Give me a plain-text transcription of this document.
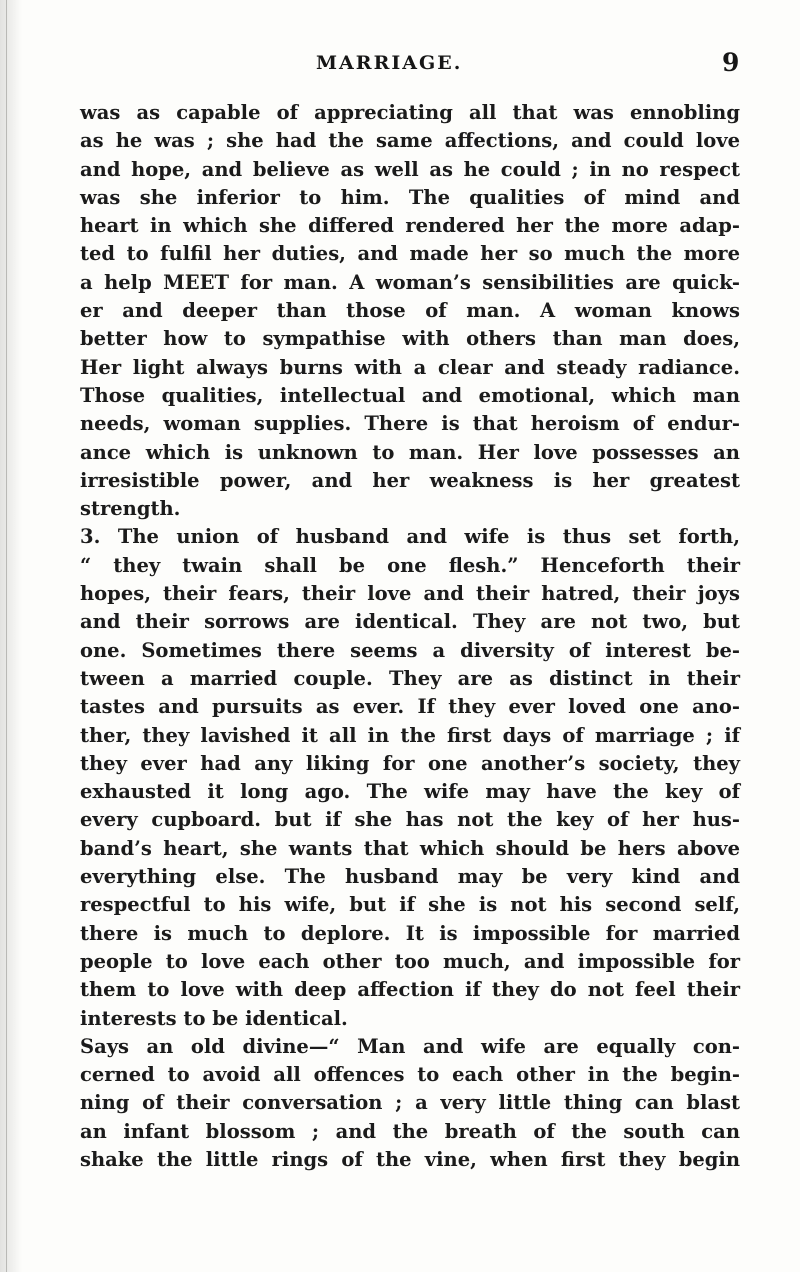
MARRIAGE.	9
was as capable of appreciating all that was ennobling
as he was ; she had the same affections, and could love
and hope, and believe as well as he could ; in no respect
was she inferior to him. The qualities of mind and
heart in which she differed rendered her the more adap-
ted to fulfil her duties, and made her so much the more
a help MEET for man. A woman’s sensibilities are quick-
er and deeper than those of man. A woman knows
better how to sympathise with others than man does,
Her light always burns with a clear and steady radiance.
Those qualities, intellectual and emotional, which man
needs, woman supplies. There is that heroism of endur-
ance which is unknown to man. Her love possesses an
irresistible power, and her weakness is her greatest
strength.
3. The union of husband and wife is thus set forth,
“ they twain shall be one flesh.” Henceforth their
hopes, their fears, their love and their hatred, their joys
and their sorrows are identical. They are not two, but
one. Sometimes there seems a diversity of interest be-
tween a married couple. They are as distinct in their
tastes and pursuits as ever. If they ever loved one ano-
ther, they lavished it all in the first days of marriage ; if
they ever had any liking for one another’s society, they
exhausted it long ago. The wife may have the key of
every cupboard. but if she has not the key of her hus-
band’s heart, she wants that which should be hers above
everything else. The husband may be very kind and
respectful to his wife, but if she is not his second self,
there is much to deplore. It is impossible for married
people to love each other too much, and impossible for
them to love with deep affection if they do not feel their
interests to be identical.
Says an old divine—“ Man and wife are equally con-
cerned to avoid all offences to each other in the begin-
ning of their conversation ; a very little thing can blast
an infant blossom ; and the breath of the south can
shake the little rings of the vine, when first they begin
